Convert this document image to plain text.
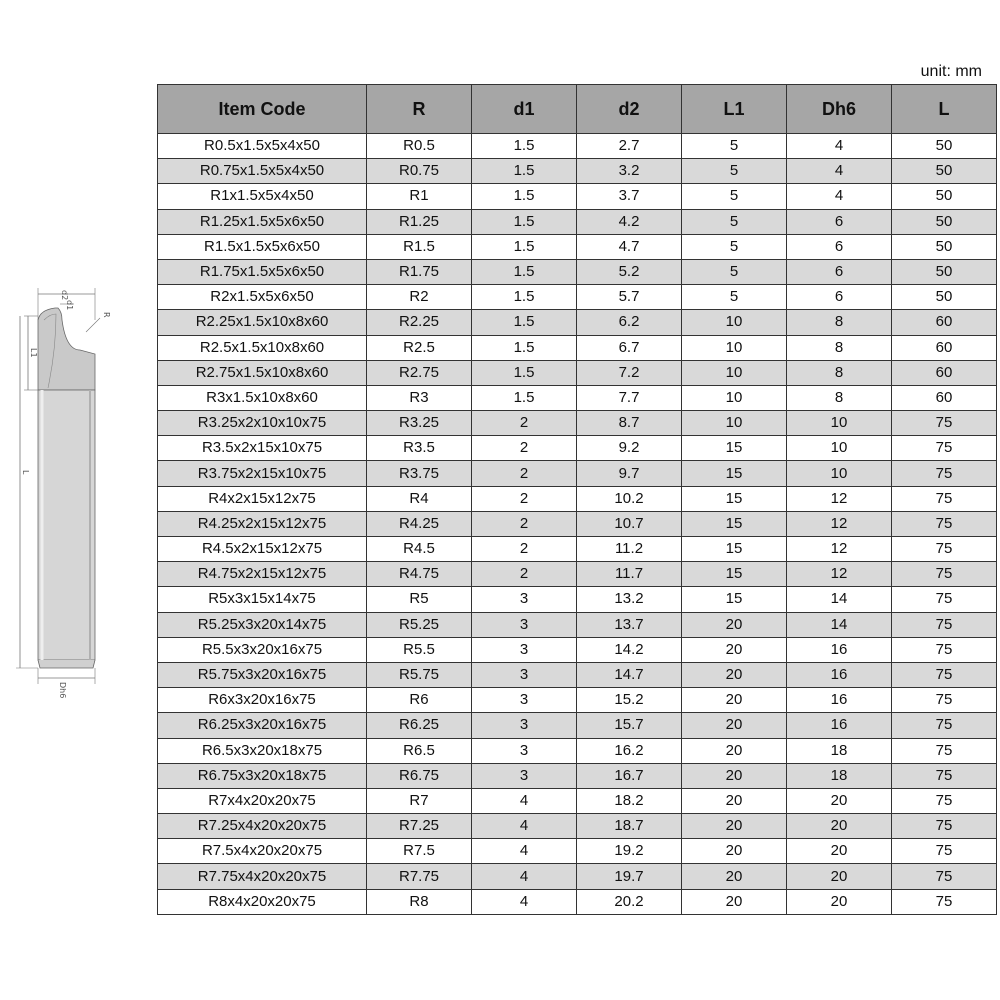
unit: mm
d2
d1
R
L1
L
Dh6
Item Code	R	d1	d2	L1	Dh6	L
R0.5x1.5x5x4x50	R0.5	1.5	2.7	5	4	50
R0.75x1.5x5x4x50	R0.75	1.5	3.2	5	4	50
R1x1.5x5x4x50	R1	1.5	3.7	5	4	50
R1.25x1.5x5x6x50	R1.25	1.5	4.2	5	6	50
R1.5x1.5x5x6x50	R1.5	1.5	4.7	5	6	50
R1.75x1.5x5x6x50	R1.75	1.5	5.2	5	6	50
R2x1.5x5x6x50	R2	1.5	5.7	5	6	50
R2.25x1.5x10x8x60	R2.25	1.5	6.2	10	8	60
R2.5x1.5x10x8x60	R2.5	1.5	6.7	10	8	60
R2.75x1.5x10x8x60	R2.75	1.5	7.2	10	8	60
R3x1.5x10x8x60	R3	1.5	7.7	10	8	60
R3.25x2x10x10x75	R3.25	2	8.7	10	10	75
R3.5x2x15x10x75	R3.5	2	9.2	15	10	75
R3.75x2x15x10x75	R3.75	2	9.7	15	10	75
R4x2x15x12x75	R4	2	10.2	15	12	75
R4.25x2x15x12x75	R4.25	2	10.7	15	12	75
R4.5x2x15x12x75	R4.5	2	11.2	15	12	75
R4.75x2x15x12x75	R4.75	2	11.7	15	12	75
R5x3x15x14x75	R5	3	13.2	15	14	75
R5.25x3x20x14x75	R5.25	3	13.7	20	14	75
R5.5x3x20x16x75	R5.5	3	14.2	20	16	75
R5.75x3x20x16x75	R5.75	3	14.7	20	16	75
R6x3x20x16x75	R6	3	15.2	20	16	75
R6.25x3x20x16x75	R6.25	3	15.7	20	16	75
R6.5x3x20x18x75	R6.5	3	16.2	20	18	75
R6.75x3x20x18x75	R6.75	3	16.7	20	18	75
R7x4x20x20x75	R7	4	18.2	20	20	75
R7.25x4x20x20x75	R7.25	4	18.7	20	20	75
R7.5x4x20x20x75	R7.5	4	19.2	20	20	75
R7.75x4x20x20x75	R7.75	4	19.7	20	20	75
R8x4x20x20x75	R8	4	20.2	20	20	75
